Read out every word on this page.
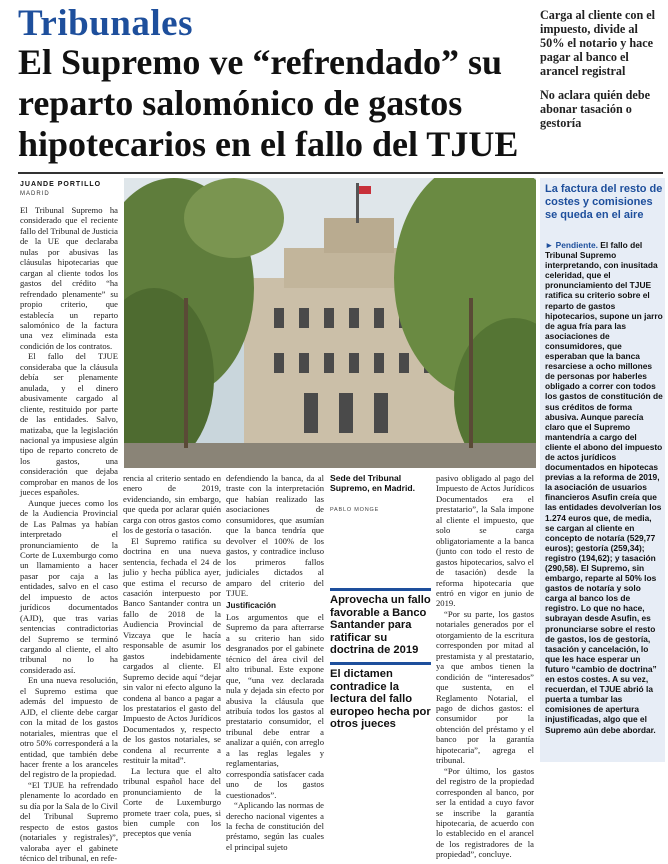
Tribunales
El Supremo ve “refrendado” su reparto salomónico de gastos hipotecarios en el fallo del TJUE

Carga al cliente con el impuesto, divide al 50% el notario y hace pagar al banco el arancel registral

No aclara quién debe abonar tasación o gestoría

JUANDE PORTILLO
MADRID

El Tribunal Supremo ha considerado que el reciente fallo del Tribunal de Justicia de la UE que declaraba nulas por abusivas las cláusulas hipotecarias que cargan al cliente todos los gastos del crédito “ha refrendado plenamente” su propio criterio, que establecía un reparto salomónico de la factura una vez eliminada esta condición de los contratos.

El fallo del TJUE consideraba que la cláusula debía ser plenamente anulada, y el dinero abusivamente cargado al cliente, restituido por parte de las entidades. Salvo, matizaba, que la legislación nacional ya impusiese algún tipo de reparto concreto de los gastos, una consideración que dejaba comprobar en manos de los jueces españoles.

Aunque jueces como los de la Audiencia Provincial de Las Palmas ya habían interpretado el pronunciamiento de la Corte de Luxemburgo como un llamamiento a hacer pasar por caja a las entidades, salvo en el caso del impuesto de actos jurídicos documentados (AJD), que tras varias sentencias contradictorias del Supremo se terminó cargando al cliente, el alto tribunal no lo ha considerado así.

En una nueva resolución, el Supremo estima que además del impuesto de AJD, el cliente debe cargar con la mitad de los gastos notariales, mientras que el otro 50% corresponderá a la entidad, que también debe hacer frente a los aranceles del registro de la propiedad.

“El TJUE ha refrendado plenamente lo acordado en su día por la Sala de lo Civil del Tribunal Supremo respecto de estos gastos (notariales y registrales)”, valoraba ayer el gabinete técnico del tribunal, en refe-

rencia al criterio sentado en enero de 2019, evidenciando, sin embargo, que queda por aclarar quién carga con otros gastos como los de gestoría o tasación.

El Supremo ratifica su doctrina en una nueva sentencia, fechada el 24 de julio y hecha pública ayer, que estima el recurso de casación interpuesto por Banco Santander contra un fallo de 2018 de la Audiencia Provincial de Vizcaya que le hacía responsable de asumir los gastos indebidamente cargados al cliente. El Supremo decide aquí “dejar sin valor ni efecto alguno la condena al banco a pagar a los prestatarios el gasto del Impuesto de Actos Jurídicos Documentados y, respecto de los gastos notariales, se condena al recurrente a restituir la mitad”.

La lectura que el alto tribunal español hace del pronunciamiento de la Corte de Luxemburgo promete traer cola, pues, si bien cumple con los preceptos que venía

defendiendo la banca, da al traste con la interpretación que habían realizado las asociaciones de consumidores, que asumían que la banca tendría que devolver el 100% de los gastos, y contradice incluso los primeros fallos judiciales dictados al amparo del criterio del TJUE.

Justificación

Los argumentos que el Supremo da para afterrarse a su criterio han sido desgranados por el gabinete técnico del área civil del alto tribunal. Este expone que, “una vez declarada nula y dejada sin efecto por abusiva la cláusula que atribuía todos los gastos al prestatario consumidor, el tribunal debe entrar a analizar a quién, con arreglo a las reglas legales y reglamentarias, correspondía satisfacer cada uno de los gastos cuestionados”.

“Aplicando las normas de derecho nacional vigentes a la fecha de constitución del préstamo, según las cuales el principal sujeto

Sede del Tribunal Supremo, en Madrid.
PABLO MONGE
Aprovecha un fallo favorable a Banco Santander para ratificar su doctrina de 2019
El dictamen contradice la lectura del fallo europeo hecha por otros jueces

pasivo obligado al pago del Impuesto de Actos Jurídicos Documentados era el prestatario”, la Sala impone al cliente el impuesto, que solo se carga obligatoriamente a la banca (junto con todo el resto de gastos hipotecarios, salvo el de tasación) desde la reforma hipotecaria que entró en vigor en junio de 2019.

“Por su parte, los gastos notariales generados por el otorgamiento de la escritura corresponden por mitad al prestamista y al prestatario, ya que ambos tienen la condición de “interesados” que sustenta, en el Reglamento Notarial, el pago de dichos gastos: el consumidor por la obtención del préstamo y el banco por la garantía hipotecaria”, agrega el tribunal.

“Por último, los gastos del registro de la propiedad corresponden al banco, por ser la entidad a cuyo favor se inscribe la garantía hipotecaria, de acuerdo con lo establecido en el arancel de los registradores de la propiedad”, concluye.

La factura del resto de costes y comisiones se queda en el aire
► Pendiente. El fallo del Tribunal Supremo interpretando, con inusitada celeridad, que el pronunciamiento del TJUE ratifica su criterio sobre el reparto de gastos hipotecarios, supone un jarro de agua fría para las asociaciones de consumidores, que esperaban que la banca resarciese a ocho millones de personas por haberles obligado a correr con todos los gastos de constitución de sus créditos de forma abusiva. Aunque parecía claro que el Supremo mantendría a cargo del cliente el abono del impuesto de actos jurídicos documentados en hipotecas previas a la reforma de 2019, la asociación de usuarios financieros Asufin creía que las entidades devolverían los 1.274 euros que, de media, se cargan al cliente en concepto de notaría (529,77 euros); gestoría (259,34); registro (194,62); y tasación (290,58). El Supremo, sin embargo, reparte al 50% los gastos de notaría y solo carga al banco los de registro. Lo que no hace, subrayan desde Asufin, es pronunciarse sobre el resto de gastos, los de gestoría, tasación y cancelación, lo que les hace esperar un futuro “cambio de doctrina” en estos costes. A su vez, recuerdan, el TJUE abrió la puerta a tumbar las comisiones de apertura injustificadas, algo que el Supremo aún debe abordar.
